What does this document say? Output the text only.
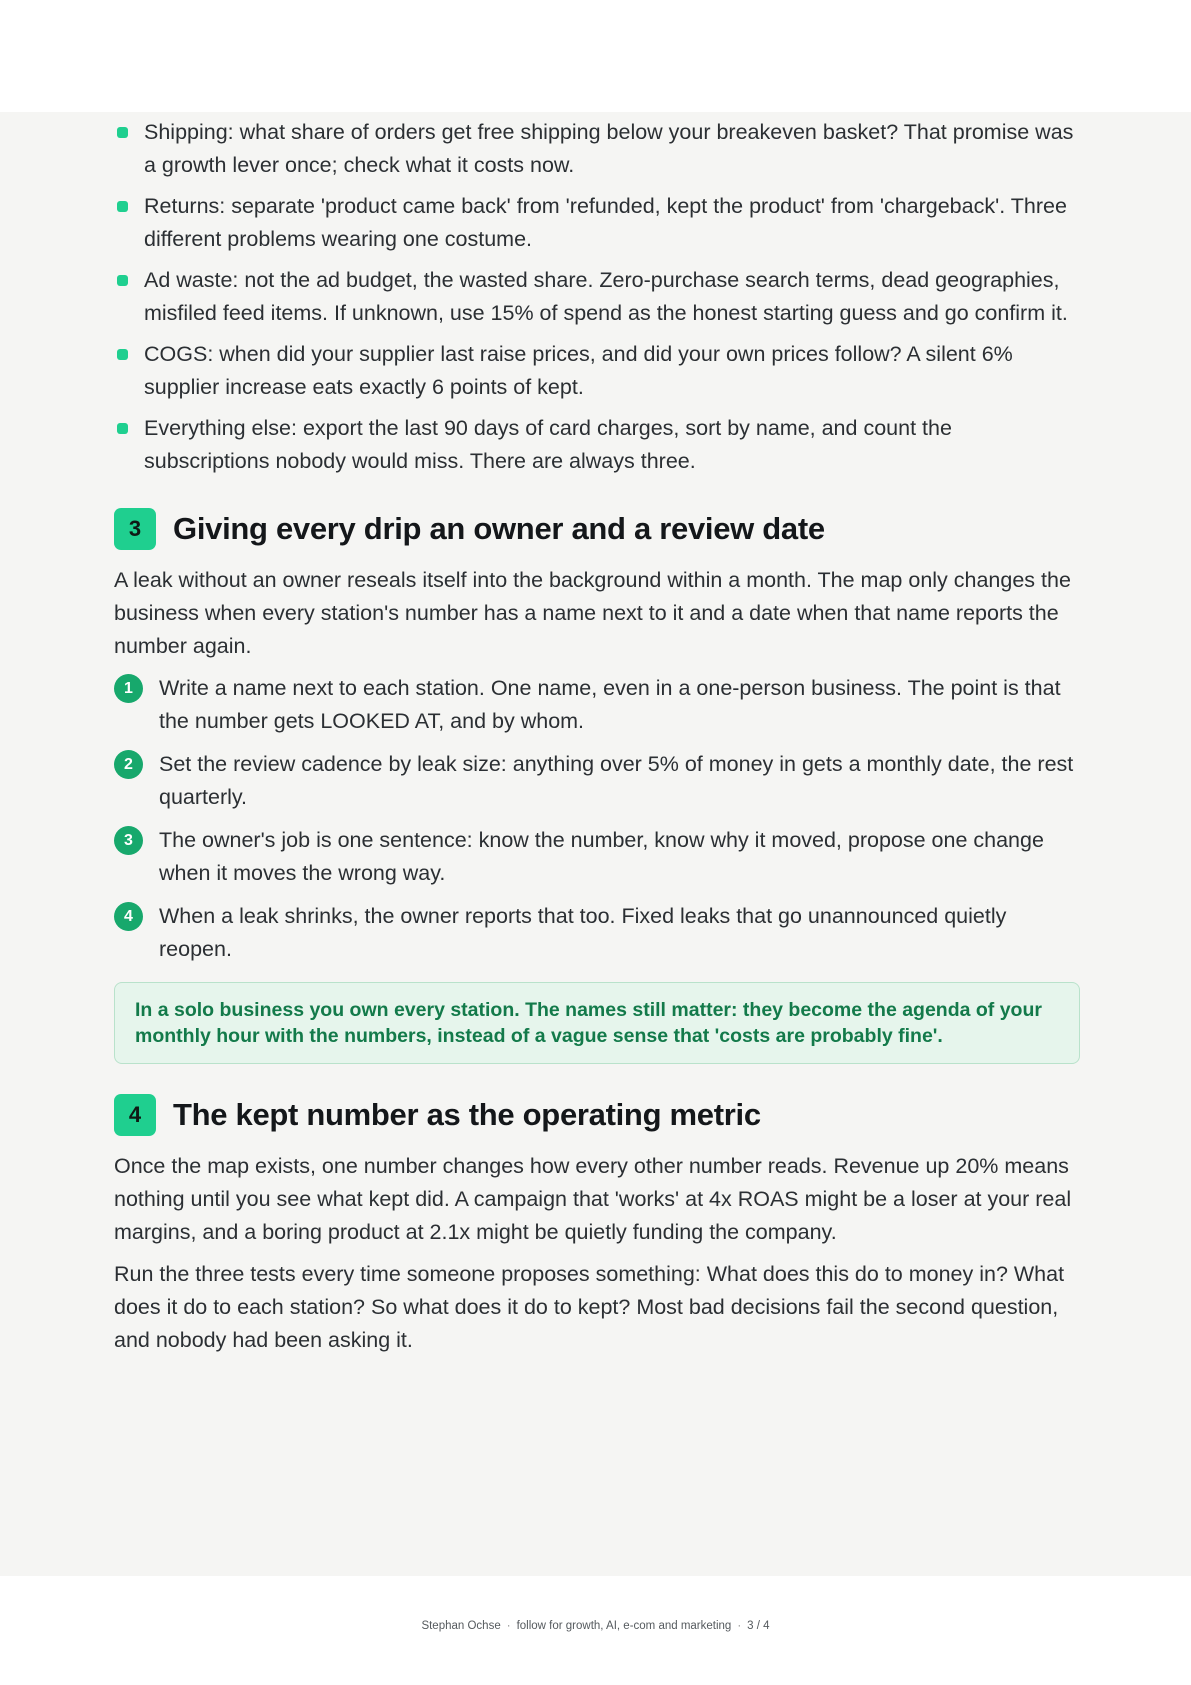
Shipping: what share of orders get free shipping below your breakeven basket? That promise was a growth lever once; check what it costs now.
Returns: separate 'product came back' from 'refunded, kept the product' from 'chargeback'. Three different problems wearing one costume.
Ad waste: not the ad budget, the wasted share. Zero-purchase search terms, dead geographies, misfiled feed items. If unknown, use 15% of spend as the honest starting guess and go confirm it.
COGS: when did your supplier last raise prices, and did your own prices follow? A silent 6% supplier increase eats exactly 6 points of kept.
Everything else: export the last 90 days of card charges, sort by name, and count the subscriptions nobody would miss. There are always three.
3	Giving every drip an owner and a review date

A leak without an owner reseals itself into the background within a month. The map only changes the business when every station's number has a name next to it and a date when that name reports the number again.

1	Write a name next to each station. One name, even in a one-person business. The point is that the number gets LOOKED AT, and by whom.
2	Set the review cadence by leak size: anything over 5% of money in gets a monthly date, the rest quarterly.
3	The owner's job is one sentence: know the number, know why it moved, propose one change when it moves the wrong way.
4	When a leak shrinks, the owner reports that too. Fixed leaks that go unannounced quietly reopen.
In a solo business you own every station. The names still matter: they become the agenda of your monthly hour with the numbers, instead of a vague sense that 'costs are probably fine'.
4	The kept number as the operating metric

Once the map exists, one number changes how every other number reads. Revenue up 20% means nothing until you see what kept did. A campaign that 'works' at 4x ROAS might be a loser at your real margins, and a boring product at 2.1x might be quietly funding the company.

Run the three tests every time someone proposes something: What does this do to money in? What does it do to each station? So what does it do to kept? Most bad decisions fail the second question, and nobody had been asking it.

Stephan Ochse · follow for growth, AI, e-com and marketing · 3 / 4
